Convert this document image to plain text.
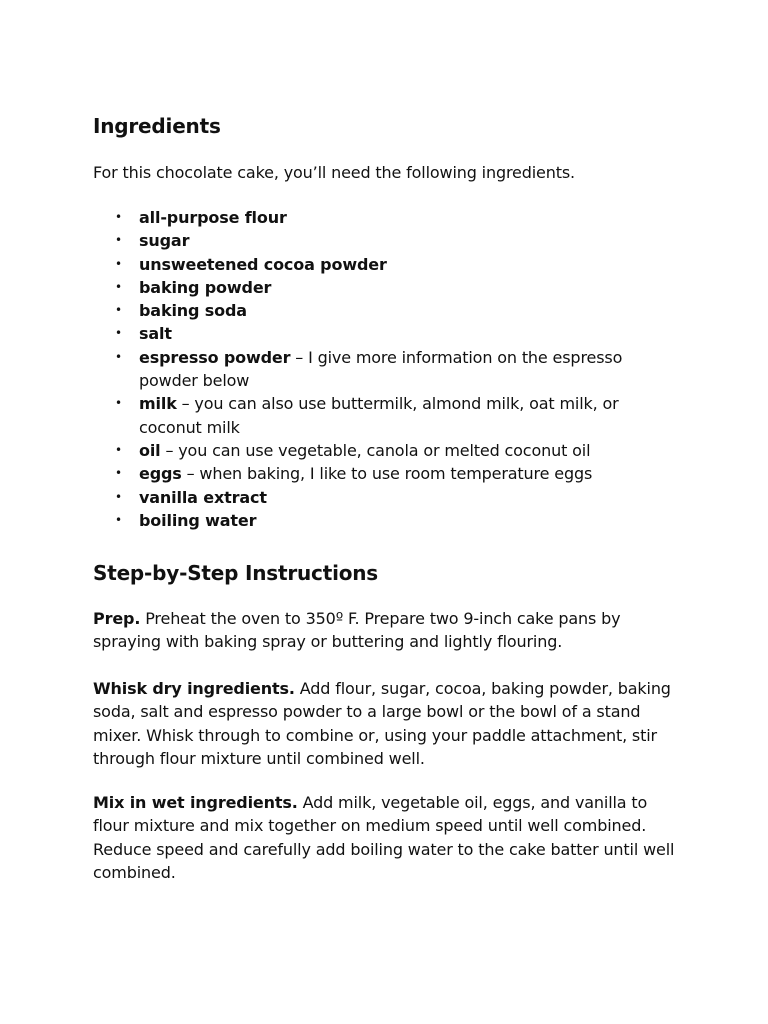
Ingredients

For this chocolate cake, you’ll need the following ingredients.

• all-purpose flour
• sugar
• unsweetened cocoa powder
• baking powder
• baking soda
• salt
• espresso powder – I give more information on the espresso powder below
• milk – you can also use buttermilk, almond milk, oat milk, or coconut milk
• oil – you can use vegetable, canola or melted coconut oil
• eggs – when baking, I like to use room temperature eggs
• vanilla extract
• boiling water
Step-by-Step Instructions

Prep. Preheat the oven to 350º F. Prepare two 9-inch cake pans by spraying with baking spray or buttering and lightly flouring.

Whisk dry ingredients. Add flour, sugar, cocoa, baking powder, baking soda, salt and espresso powder to a large bowl or the bowl of a stand mixer. Whisk through to combine or, using your paddle attachment, stir through flour mixture until combined well.

Mix in wet ingredients. Add milk, vegetable oil, eggs, and vanilla to flour mixture and mix together on medium speed until well combined. Reduce speed and carefully add boiling water to the cake batter until well combined.
